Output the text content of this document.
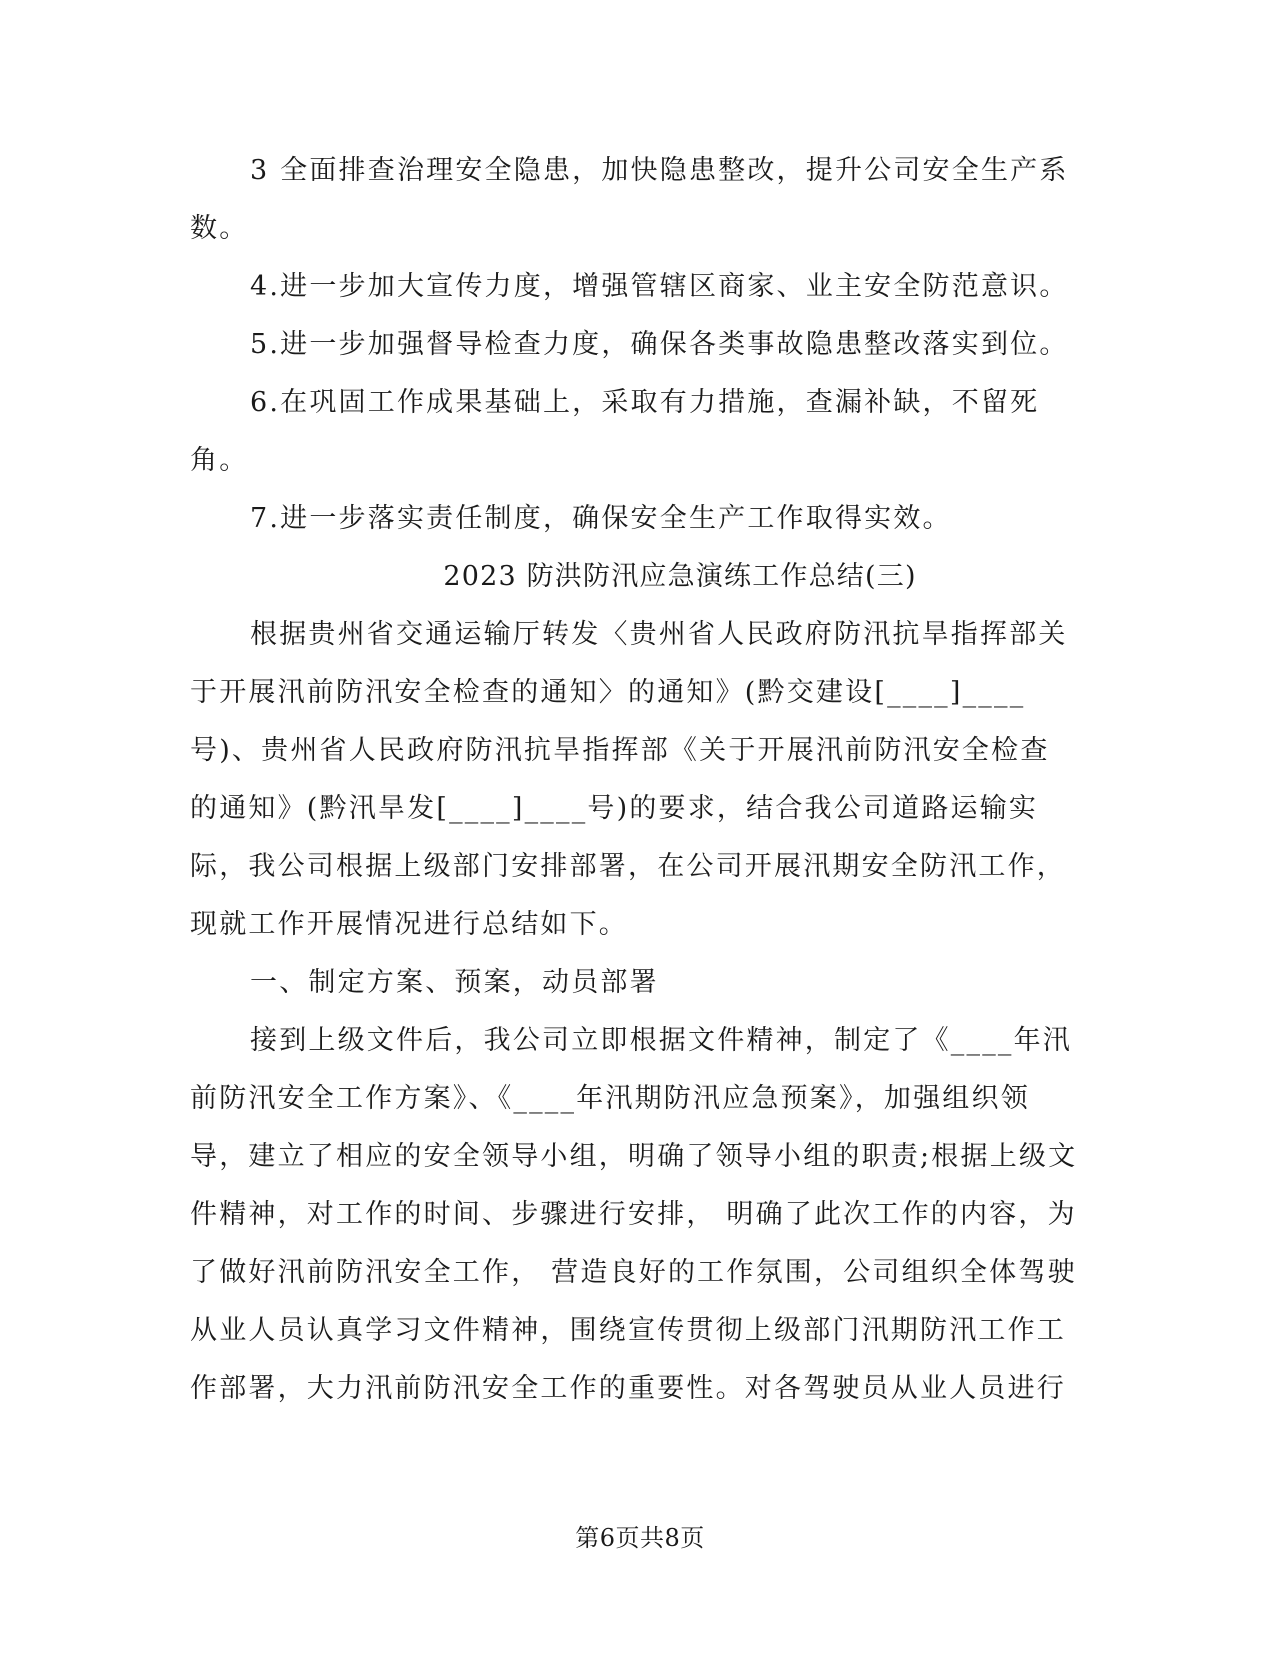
3 全面排查治理安全隐患，加快隐患整改，提升公司安全生产系
数。
4.进一步加大宣传力度，增强管辖区商家、业主安全防范意识。
5.进一步加强督导检查力度，确保各类事故隐患整改落实到位。
6.在巩固工作成果基础上，采取有力措施，查漏补缺，不留死
角。
7.进一步落实责任制度，确保安全生产工作取得实效。
2023 防洪防汛应急演练工作总结(三)
根据贵州省交通运输厅转发〈贵州省人民政府防汛抗旱指挥部关
于开展汛前防汛安全检查的通知〉的通知》(黔交建设[____]____
号)、贵州省人民政府防汛抗旱指挥部《关于开展汛前防汛安全检查
的通知》(黔汛旱发[____]____号)的要求，结合我公司道路运输实
际，我公司根据上级部门安排部署，在公司开展汛期安全防汛工作，
现就工作开展情况进行总结如下。
一、制定方案、预案，动员部署
接到上级文件后，我公司立即根据文件精神，制定了《____年汛
前防汛安全工作方案》、《____年汛期防汛应急预案》，加强组织领
导，建立了相应的安全领导小组，明确了领导小组的职责;根据上级文
件精神，对工作的时间、步骤进行安排， 明确了此次工作的内容，为
了做好汛前防汛安全工作， 营造良好的工作氛围，公司组织全体驾驶
从业人员认真学习文件精神，围绕宣传贯彻上级部门汛期防汛工作工
作部署，大力汛前防汛安全工作的重要性。对各驾驶员从业人员进行
第6页共8页
